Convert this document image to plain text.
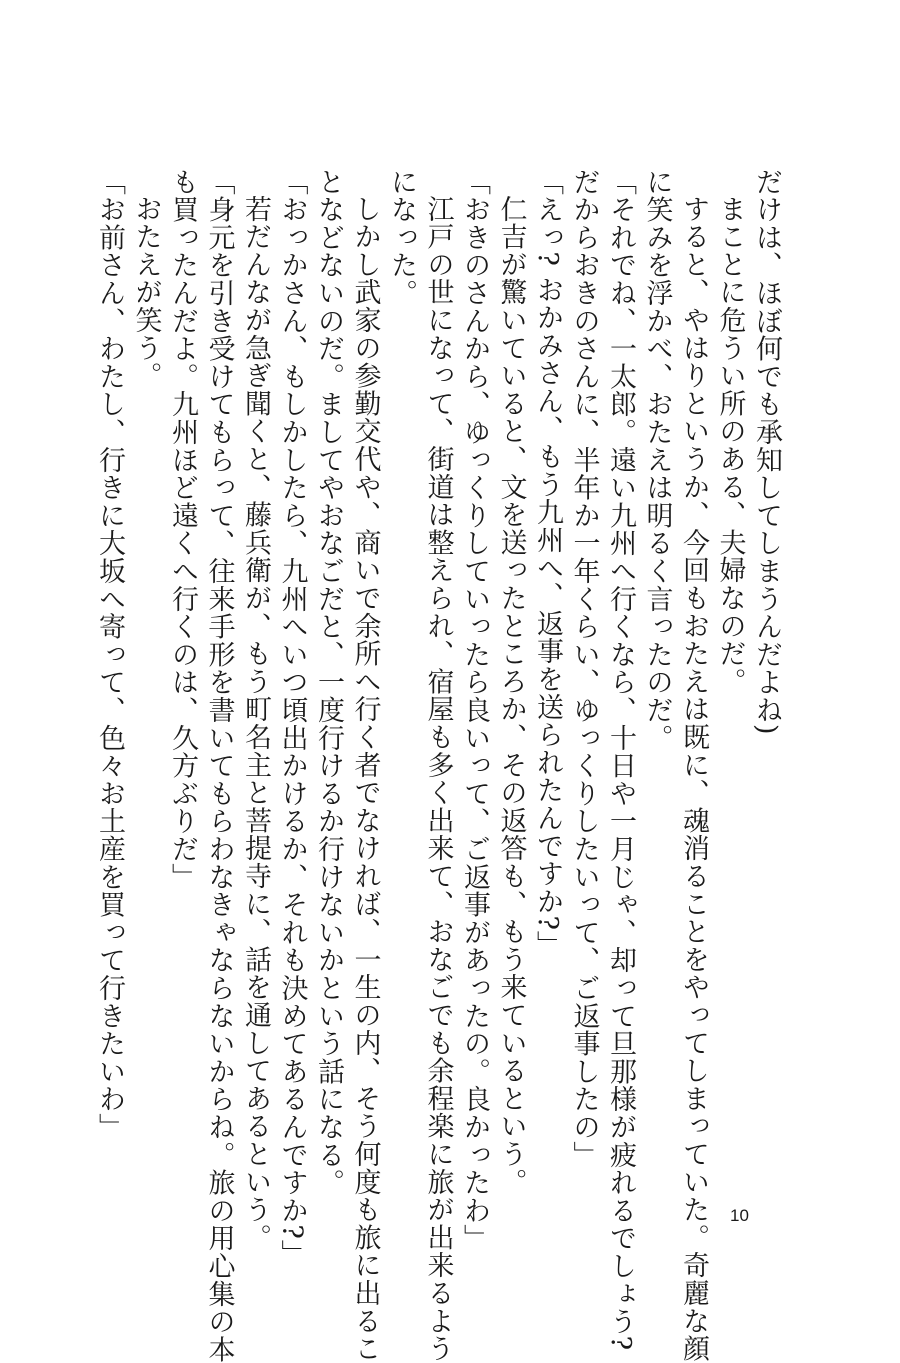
だけは、ほぼ何でも承知してしまうんだよね)
まことに危うい所のある、夫婦なのだ。
すると、やはりというか、今回もおたえは既に、魂消ることをやってしまっていた。奇麗な顔
に笑みを浮かべ、おたえは明るく言ったのだ。
「それでね、一太郎。遠い九州へ行くなら、十日や一月じゃ、却って旦那様が疲れるでしょう?
だからおきのさんに、半年か一年くらい、ゆっくりしたいって、ご返事したの」
「えっ? おかみさん、もう九州へ、返事を送られたんですか?」
仁吉が驚いていると、文を送ったところか、その返答も、もう来ているという。
「おきのさんから、ゆっくりしていったら良いって、ご返事があったの。良かったわ」
江戸の世になって、街道は整えられ、宿屋も多く出来て、おなごでも余程楽に旅が出来るよう
になった。
しかし武家の参勤交代や、商いで余所へ行く者でなければ、一生の内、そう何度も旅に出るこ
となどないのだ。ましてやおなごだと、一度行けるか行けないかという話になる。
「おっかさん、もしかしたら、九州へいつ頃出かけるか、それも決めてあるんですか?」
若だんなが急ぎ聞くと、藤兵衛が、もう町名主と菩提寺に、話を通してあるという。
「身元を引き受けてもらって、往来手形を書いてもらわなきゃならないからね。旅の用心集の本
も買ったんだよ。九州ほど遠くへ行くのは、久方ぶりだ」
おたえが笑う。
「お前さん、わたし、行きに大坂へ寄って、色々お土産を買って行きたいわ」
10
